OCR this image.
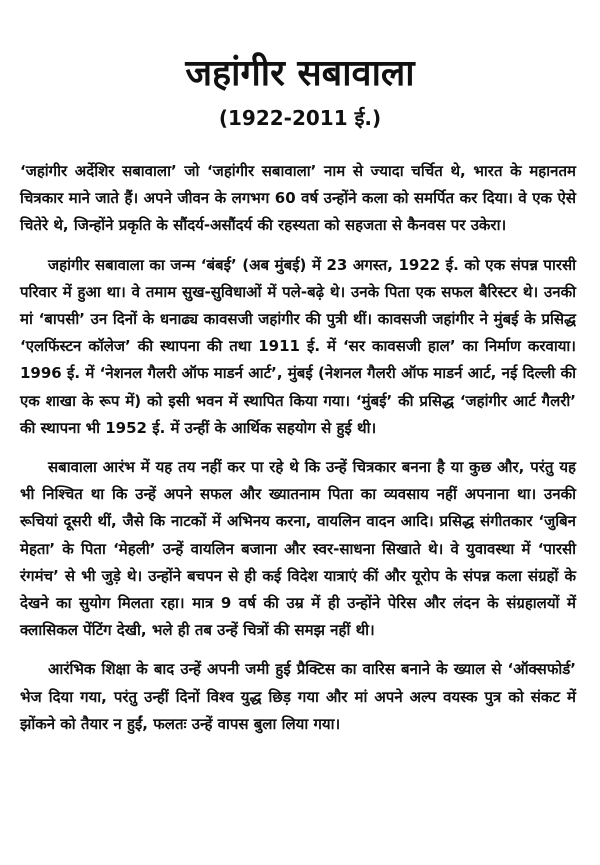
जहांगीर सबावाला
(1922-2011 ई.)

‘जहांगीर अर्देशिर सबावाला’ जो ‘जहांगीर सबावाला’ नाम से ज्यादा चर्चित थे, भारत के महानतम चित्रकार माने जाते हैं। अपने जीवन के लगभग 60 वर्ष उन्होंने कला को समर्पित कर दिया। वे एक ऐसे चितेरे थे, जिन्होंने प्रकृति के सौंदर्य-असौंदर्य की रहस्यता को सहजता से कैनवस पर उकेरा।

जहांगीर सबावाला का जन्म ‘बंबई’ (अब मुंबई) में 23 अगस्त, 1922 ई. को एक संपन्न पारसी परिवार में हुआ था। वे तमाम सुख-सुविधाओं में पले-बढ़े थे। उनके पिता एक सफल बैरिस्टर थे। उनकी मां ‘बापसी’ उन दिनों के धनाढ्य कावसजी जहांगीर की पुत्री थीं। कावसजी जहांगीर ने मुंबई के प्रसिद्ध ‘एलफिंस्टन कॉलेज’ की स्थापना की तथा 1911 ई. में ‘सर कावसजी हाल’ का निर्माण करवाया। 1996 ई. में ‘नेशनल गैलरी ऑफ माडर्न आर्ट’, मुंबई (नेशनल गैलरी ऑफ माडर्न आर्ट, नई दिल्ली की एक शाखा के रूप में) को इसी भवन में स्थापित किया गया। ‘मुंबई’ की प्रसिद्ध ‘जहांगीर आर्ट गैलरी’ की स्थापना भी 1952 ई. में उन्हीं के आर्थिक सहयोग से हुई थी।

सबावाला आरंभ में यह तय नहीं कर पा रहे थे कि उन्हें चित्रकार बनना है या कुछ और, परंतु यह भी निश्चित था कि उन्हें अपने सफल और ख्यातनाम पिता का व्यवसाय नहीं अपनाना था। उनकी रूचियां दूसरी थीं, जैसे कि नाटकों में अभिनय करना, वायलिन वादन आदि। प्रसिद्ध संगीतकार ‘जुबिन मेहता’ के पिता ‘मेहली’ उन्हें वायलिन बजाना और स्वर-साधना सिखाते थे। वे युवावस्था में ‘पारसी रंगमंच’ से भी जुड़े थे। उन्होंने बचपन से ही कई विदेश यात्राएं कीं और यूरोप के संपन्न कला संग्रहों के देखने का सुयोग मिलता रहा। मात्र 9 वर्ष की उम्र में ही उन्होंने पेरिस और लंदन के संग्रहालयों में क्लासिकल पेंटिंग देखी, भले ही तब उन्हें चित्रों की समझ नहीं थी।

आरंभिक शिक्षा के बाद उन्हें अपनी जमी हुई प्रैक्टिस का वारिस बनाने के ख्याल से ‘ऑक्सफोर्ड’ भेज दिया गया, परंतु उन्हीं दिनों विश्व युद्ध छिड़ गया और मां अपने अल्प वयस्क पुत्र को संकट में झोंकने को तैयार न हुईं, फलतः उन्हें वापस बुला लिया गया।
